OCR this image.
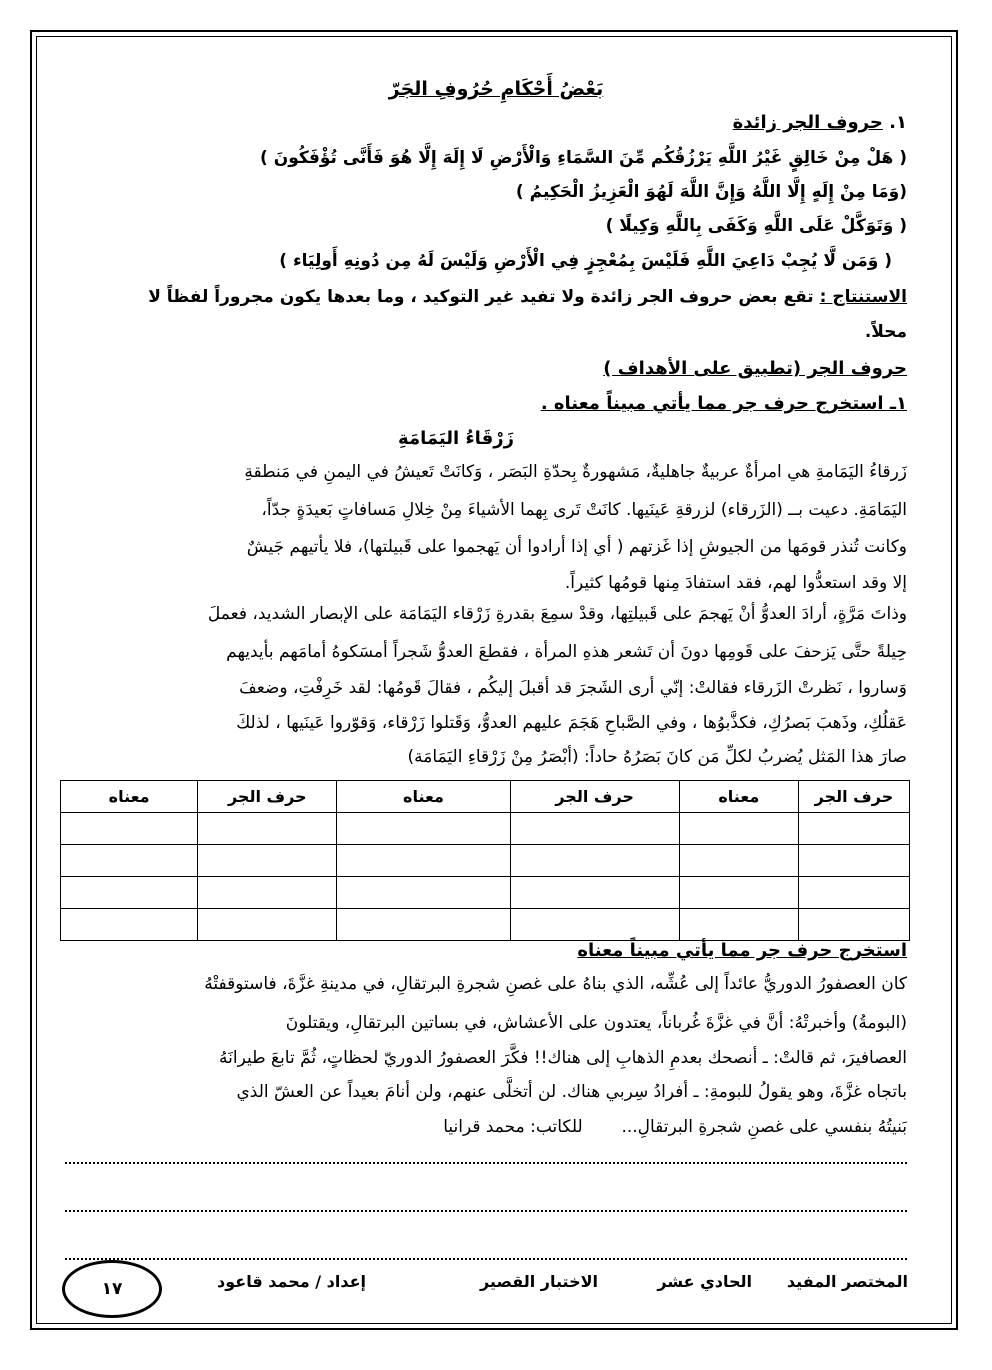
بَعْضُ أَحْكَامِ حُرُوفِ الجَرّ
١. حروف الجر زائدة
( هَلْ مِنْ خَالِقٍ غَيْرُ اللَّهِ يَرْزُقُكُم مِّنَ السَّمَاءِ وَالْأَرْضِ لَا إِلَهَ إِلَّا هُوَ فَأَنَّى تُؤْفَكُونَ )
(وَمَا مِنْ إِلَهٍ إِلَّا اللَّهُ وَإِنَّ اللَّهَ لَهُوَ الْعَزِيزُ الْحَكِيمُ )
( وَتَوَكَّلْ عَلَى اللَّهِ وَكَفَى بِاللَّهِ وَكِيلًا )
( وَمَن لَّا يُجِبْ دَاعِيَ اللَّهِ فَلَيْسَ بِمُعْجِزٍ فِي الْأَرْضِ وَلَيْسَ لَهُ مِن دُونِهِ أَولِيَاء )
الاستنتاج : تقع بعض حروف الجر زائدة ولا تفيد غير التوكيد ، وما بعدها يكون مجروراً لفظاً لا
محلاً.
حروف الجر (تطبيق على الأهداف )
١ـ استخرج حرف جر مما يأتي مبيناً معناه .
زَرْقَاءُ اليَمَامَةِ
زَرقاءُ اليَمَامةِ هي امرأةٌ عربيةٌ جاهليةٌ، مَشهورةٌ بِحدّةِ البَصَر ، وَكانَتْ تَعيشُ في اليمنِ في مَنطقةِ
اليَمَامَةِ. دعيت بــ (الزَرقاء) لزرقةِ عَينَيها. كانَتْ تَرى بِهما الأشياءَ مِنْ خِلالِ مَسافاتٍ بَعيدَةٍ جدّاً،
وكانت تُنذر قومَها من الجيوشِ إذا غَزتهم ( أي إذا أرادوا أن يَهجموا على قَبيلتها)، فلا يأتيهم جَيشٌ
إلا وقد استعدُّوا لهم، فقد استفادَ مِنها قومُها كثيراً.
وذاتَ مَرَّةٍ، أرادَ العدوُّ أنْ يَهجمَ على قَبيلتِها، وقدْ سمِعَ بقدرةِ زَرْقاء اليَمَامَة على الإبصار الشديد، فعملَ
حِيلةً حتَّى يَزحفَ على قَومِها دونَ أن تَشعر هذهِ المرأة ، فقطعَ العدوُّ شَجراً أمسَكوهُ أمامَهم بأيديهم
وَساروا ، نَظرتْ الزَرقاء فقالتْ: إنّي أرى الشَجرَ قد أقبلَ إليكُم ، فقالَ قَومُها: لقد خَرِفْتِ، وضعفَ
عَقلُكِ، وذَهبَ بَصرُكِ، فكذَّبوُها ، وفي الصَّباحِ هَجَمَ عليهم العدوُّ، وَقَتلوا زَرْقاء، وَقوّروا عَينَيها ، لذلكَ
صارَ هذا المَثل يُضربُ لكلِّ مَن كانَ بَصَرُهُ حاداً: (أبْصَرُ مِنْ زَرْقاءِ اليَمَامَة)
حرف الجر	معناه	حرف الجر	معناه	حرف الجر	معناه

استخرج حرف جر مما يأتي مبيناً معناه
كان العصفورُ الدوريُّ عائداً إلى عُشِّه، الذي بناهُ على غصنِ شجرةِ البرتقالِ، في مدينةِ غزَّةَ، فاستوقفتْهُ
(البومةُ) وأخبرتْهُ: أنَّ في غزَّةَ غُرباناً، يعتدون على الأعشاش، في بساتين البرتقالِ، ويقتلونَ
العصافيرَ، ثم قالتْ: ـ أنصحك بعدمِ الذهابِ إلى هناك!! فكَّرَ العصفورُ الدوريّ لحظاتٍ، ثُمَّ تابعَ طيرانَهُ
باتجاه غزَّةَ، وهو يقولُ للبومةِ: ـ أفرادُ سِربي هناك. لن أتخلَّى عنهم، ولن أنامَ بعيداً عن العشّ الذي
بَنيتُهُ بنفسي على غصنِ شجرةِ البرتقالِ...  للكاتب: محمد قرانيا
المختصر المفيد
الحادي عشر
الاختبار القصير
إعداد / محمد قاعود
١٧
